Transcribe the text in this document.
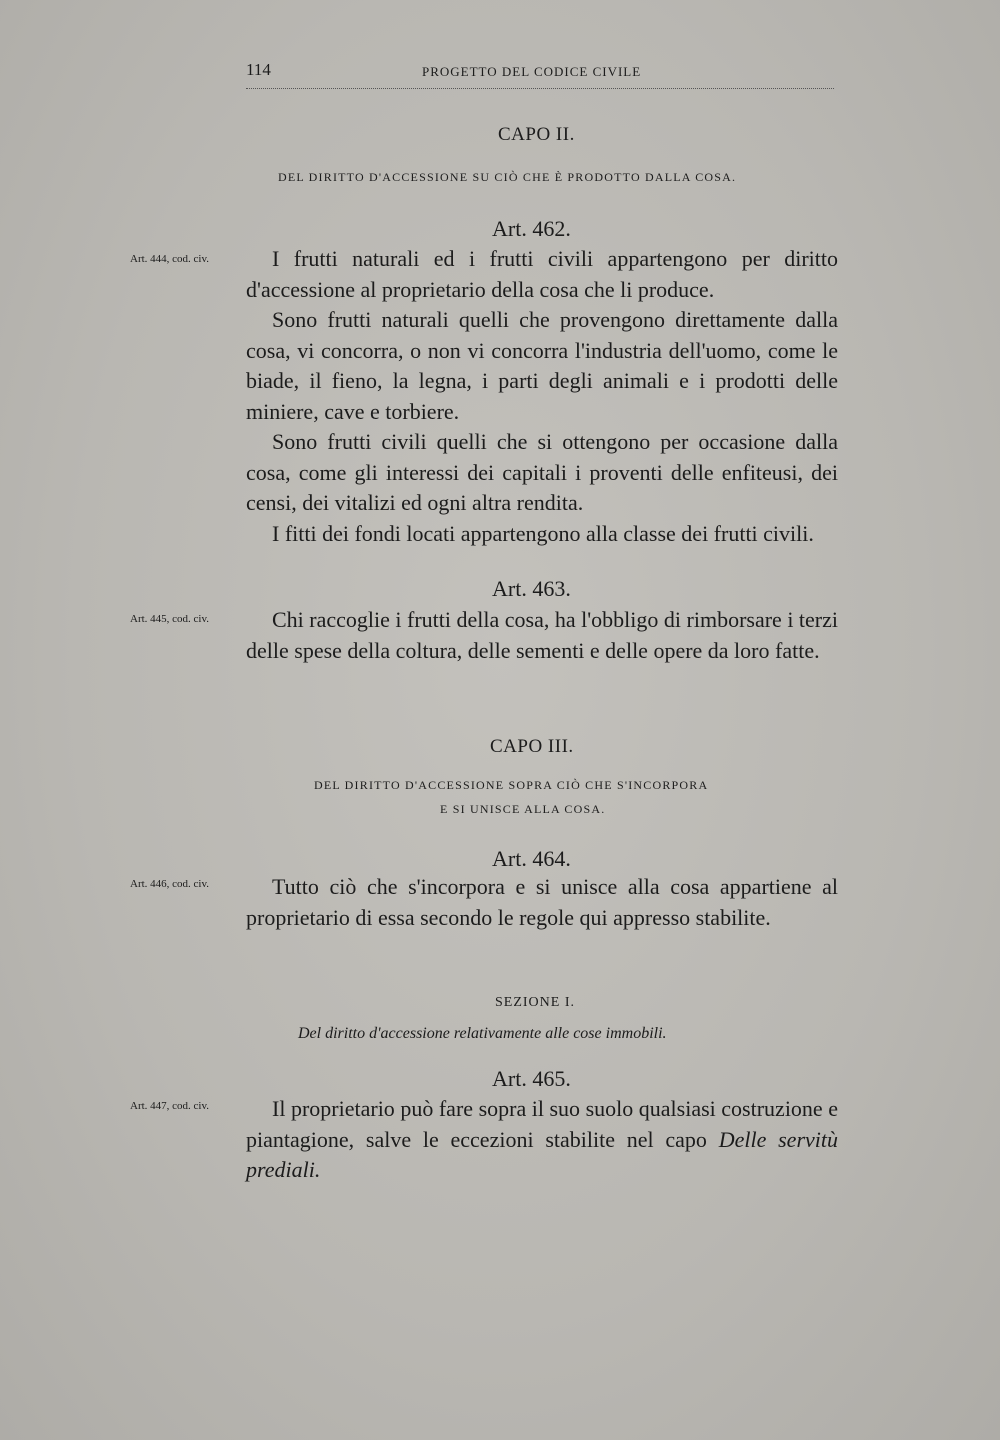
114	PROGETTO DEL CODICE CIVILE
CAPO II.
DEL DIRITTO D'ACCESSIONE SU CIÒ CHE È PRODOTTO DALLA COSA.
Art. 462.
Art. 444, cod. civ.	I frutti naturali ed i frutti civili appartengono per diritto d'accessione al proprietario della cosa che li produce.

Sono frutti naturali quelli che provengono direttamente dalla cosa, vi concorra, o non vi concorra l'industria dell'uomo, come le biade, il fieno, la legna, i parti degli animali e i prodotti delle miniere, cave e torbiere.

Sono frutti civili quelli che si ottengono per occasione dalla cosa, come gli interessi dei capitali i proventi delle enfiteusi, dei censi, dei vitalizi ed ogni altra rendita.

I fitti dei fondi locati appartengono alla classe dei frutti civili.

Art. 463.
Art. 445, cod. civ.	Chi raccoglie i frutti della cosa, ha l'obbligo di rimborsare i terzi delle spese della coltura, delle sementi e delle opere da loro fatte.

CAPO III.
DEL DIRITTO D'ACCESSIONE SOPRA CIÒ CHE S'INCORPORA
E SI UNISCE ALLA COSA.
Art. 464.
Art. 446, cod. civ.	Tutto ciò che s'incorpora e si unisce alla cosa appartiene al proprietario di essa secondo le regole qui appresso stabilite.

SEZIONE I.
Del diritto d'accessione relativamente alle cose immobili.
Art. 465.
Art. 447, cod. civ.	Il proprietario può fare sopra il suo suolo qualsiasi costruzione e piantagione, salve le eccezioni stabilite nel capo Delle servitù prediali.
